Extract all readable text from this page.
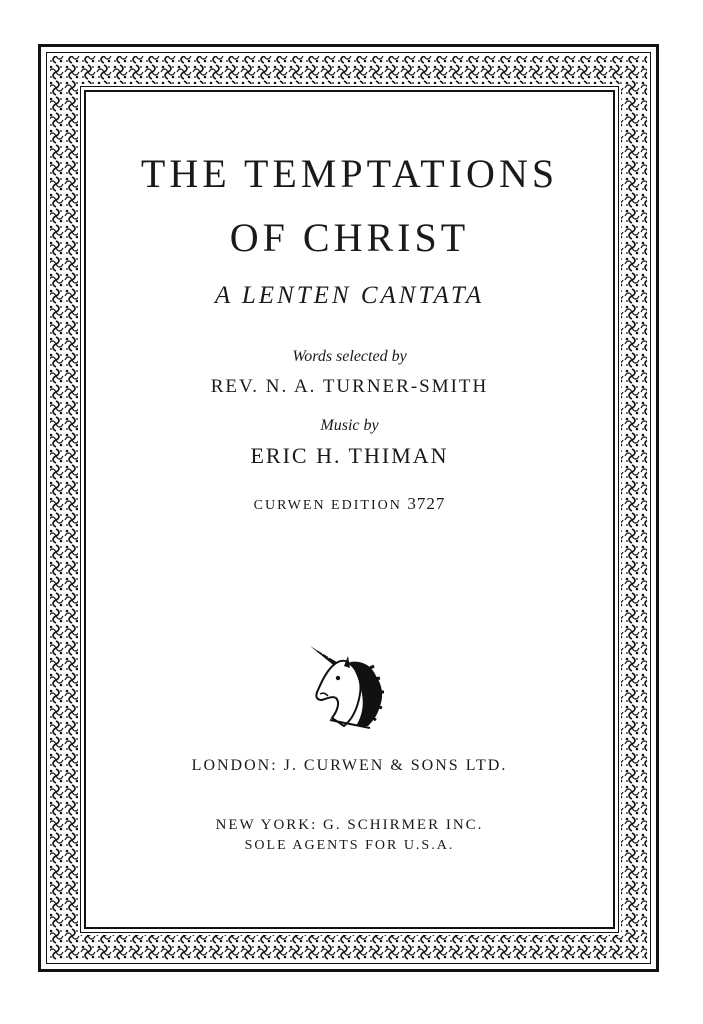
THE TEMPTATIONS
OF CHRIST
A LENTEN CANTATA
Words selected by
REV. N. A. TURNER-SMITH
Music by
ERIC H. THIMAN
CURWEN EDITION 3727
LONDON: J. CURWEN & SONS LTD.
NEW YORK: G. SCHIRMER INC.
SOLE AGENTS FOR U.S.A.
